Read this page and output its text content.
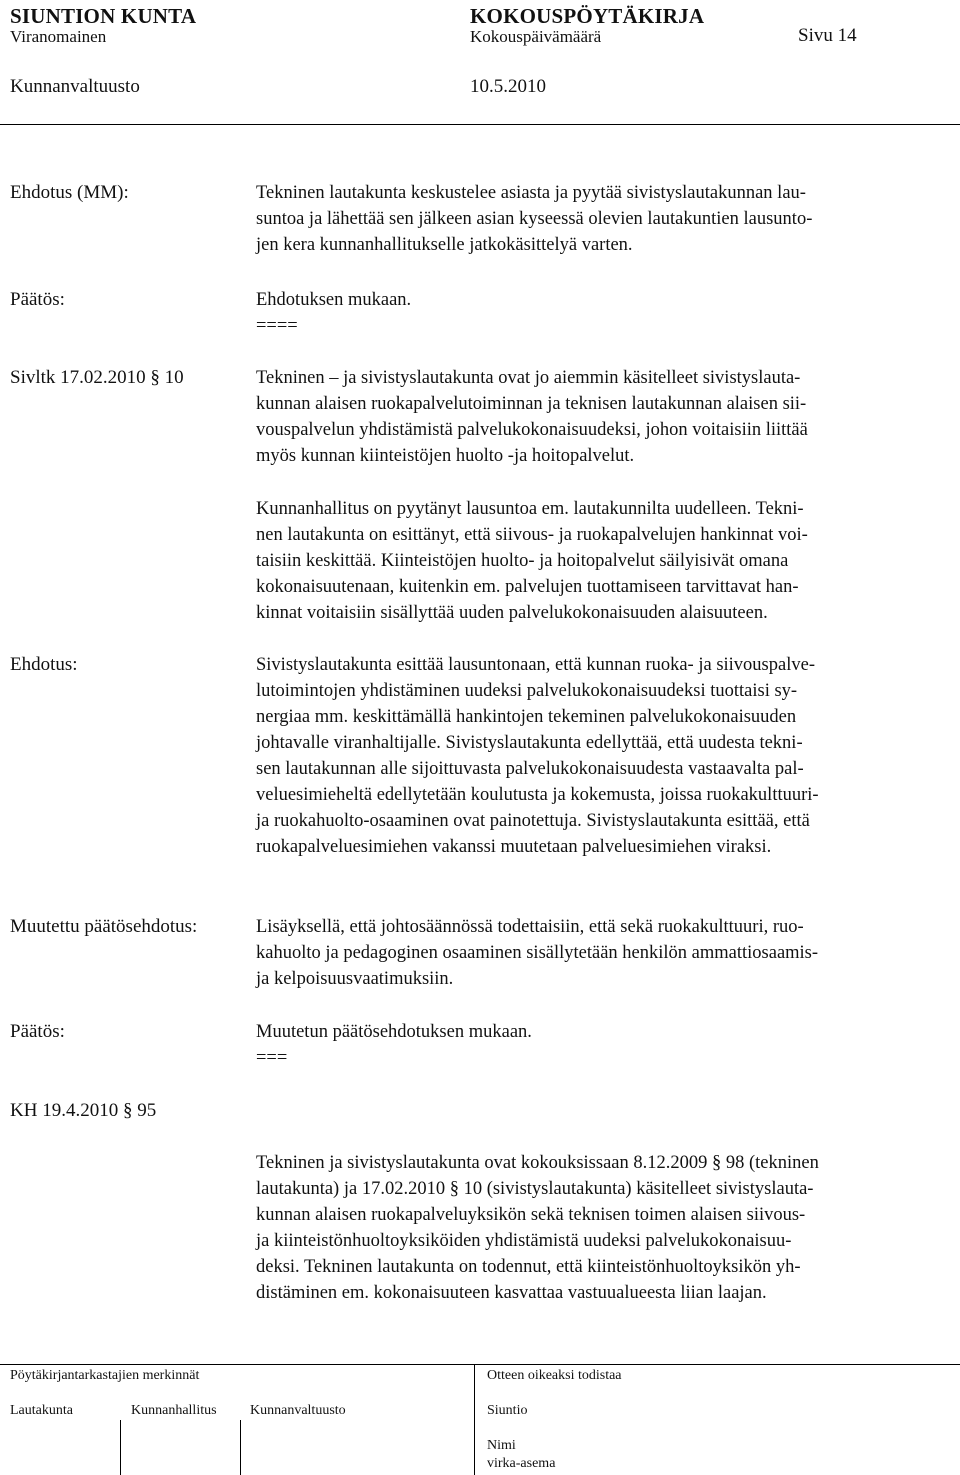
SIUNTION KUNTA	KOKOUSPÖYTÄKIRJA
Viranomainen	Kokouspäivämäärä	Sivu 14
Kunnanvaltuusto	10.5.2010
Ehdotus (MM):	Tekninen lautakunta keskustelee asiasta ja pyytää sivistyslautakunnan lau-
suntoa ja lähettää sen jälkeen asian kyseessä olevien lautakuntien lausunto-
jen kera kunnanhallitukselle jatkokäsittelyä varten.
Päätös:	Ehdotuksen mukaan.
====
Sivltk 17.02.2010 § 10	Tekninen – ja sivistyslautakunta ovat jo aiemmin käsitelleet sivistyslauta-
kunnan alaisen ruokapalvelutoiminnan ja teknisen lautakunnan alaisen sii-
vouspalvelun yhdistämistä palvelukokonaisuudeksi, johon voitaisiin liittää
myös kunnan kiinteistöjen huolto -ja hoitopalvelut.
Kunnanhallitus on pyytänyt lausuntoa em. lautakunnilta uudelleen. Tekni-
nen lautakunta on esittänyt, että siivous- ja ruokapalvelujen hankinnat voi-
taisiin keskittää. Kiinteistöjen huolto- ja hoitopalvelut säilyisivät omana
kokonaisuutenaan, kuitenkin em. palvelujen tuottamiseen tarvittavat han-
kinnat voitaisiin sisällyttää uuden palvelukokonaisuuden alaisuuteen.
Ehdotus:	Sivistyslautakunta esittää lausuntonaan, että kunnan ruoka- ja siivouspalve-
lutoimintojen yhdistäminen uudeksi palvelukokonaisuudeksi tuottaisi sy-
nergiaa mm. keskittämällä hankintojen tekeminen palvelukokonaisuuden
johtavalle viranhaltijalle. Sivistyslautakunta edellyttää, että uudesta tekni-
sen lautakunnan alle sijoittuvasta palvelukokonaisuudesta vastaavalta pal-
veluesimieheltä edellytetään koulutusta ja kokemusta, joissa ruokakulttuuri-
ja ruokahuolto-osaaminen ovat painotettuja. Sivistyslautakunta esittää, että
ruokapalveluesimiehen vakanssi muutetaan palveluesimiehen viraksi.
Muutettu päätösehdotus:	Lisäyksellä, että johtosäännössä todettaisiin, että sekä ruokakulttuuri, ruo-
kahuolto ja pedagoginen osaaminen sisällytetään henkilön ammattiosaamis-
ja kelpoisuusvaatimuksiin.
Päätös:	Muutetun päätösehdotuksen mukaan.
===
KH 19.4.2010 § 95
Tekninen ja sivistyslautakunta ovat kokouksissaan 8.12.2009 § 98 (tekninen
lautakunta) ja 17.02.2010 § 10 (sivistyslautakunta) käsitelleet sivistyslauta-
kunnan alaisen ruokapalveluyksikön sekä teknisen toimen alaisen siivous-
ja kiinteistönhuoltoyksiköiden yhdistämistä uudeksi palvelukokonaisuu-
deksi. Tekninen lautakunta on todennut, että kiinteistönhuoltoyksikön yh-
distäminen em. kokonaisuuteen kasvattaa vastuualueesta liian laajan.
Pöytäkirjantarkastajien merkinnät	Otteen oikeaksi todistaa
Lautakunta	Kunnanhallitus Kunnanvaltuusto	Siuntio
Nimi
virka-asema
